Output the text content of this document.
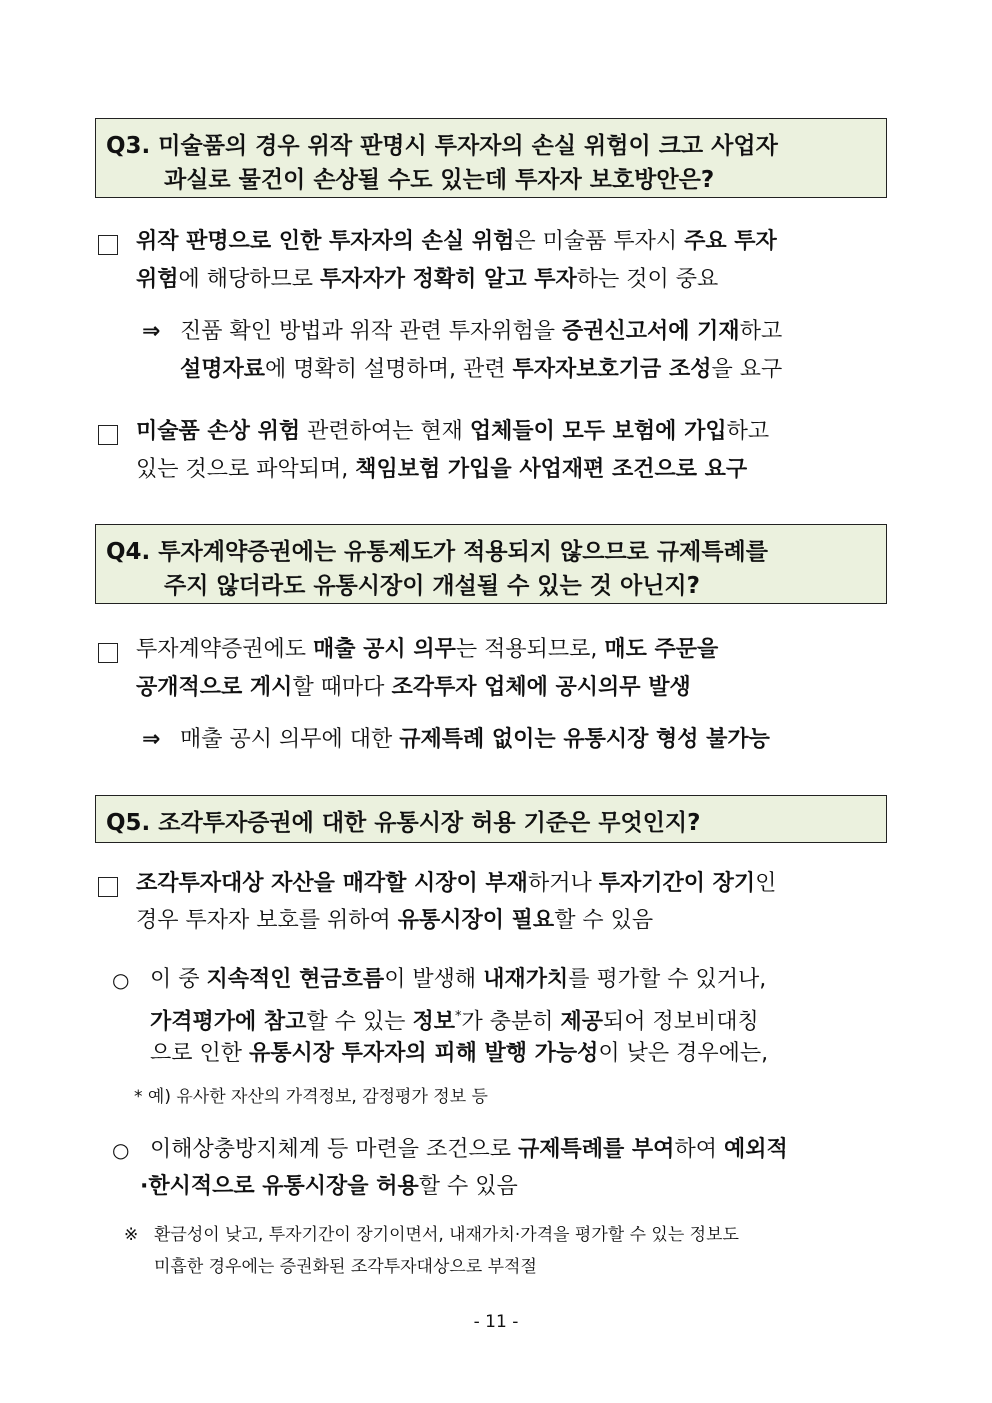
Q3. 미술품의 경우 위작 판명시 투자자의 손실 위험이 크고 사업자
과실로 물건이 손상될 수도 있는데 투자자 보호방안은?
위작 판명으로 인한 투자자의 손실 위험은 미술품 투자시 주요 투자
위험에 해당하므로 투자자가 정확히 알고 투자하는 것이 중요
⇒ 진품 확인 방법과 위작 관련 투자위험을 증권신고서에 기재하고
설명자료에 명확히 설명하며, 관련 투자자보호기금 조성을 요구
미술품 손상 위험 관련하여는 현재 업체들이 모두 보험에 가입하고
있는 것으로 파악되며, 책임보험 가입을 사업재편 조건으로 요구
Q4. 투자계약증권에는 유통제도가 적용되지 않으므로 규제특례를
주지 않더라도 유통시장이 개설될 수 있는 것 아닌지?
투자계약증권에도 매출 공시 의무는 적용되므로, 매도 주문을
공개적으로 게시할 때마다 조각투자 업체에 공시의무 발생
⇒ 매출 공시 의무에 대한 규제특례 없이는 유통시장 형성 불가능
Q5. 조각투자증권에 대한 유통시장 허용 기준은 무엇인지?
조각투자대상 자산을 매각할 시장이 부재하거나 투자기간이 장기인
경우 투자자 보호를 위하여 유통시장이 필요할 수 있음
○ 이 중 지속적인 현금흐름이 발생해 내재가치를 평가할 수 있거나,
가격평가에 참고할 수 있는 정보*가 충분히 제공되어 정보비대칭
으로 인한 유통시장 투자자의 피해 발행 가능성이 낮은 경우에는,
* 예) 유사한 자산의 가격정보, 감정평가 정보 등
○ 이해상충방지체계 등 마련을 조건으로 규제특례를 부여하여 예외적
·한시적으로 유통시장을 허용할 수 있음
※ 환금성이 낮고, 투자기간이 장기이면서, 내재가치·가격을 평가할 수 있는 정보도
미흡한 경우에는 증권화된 조각투자대상으로 부적절
- 11 -
